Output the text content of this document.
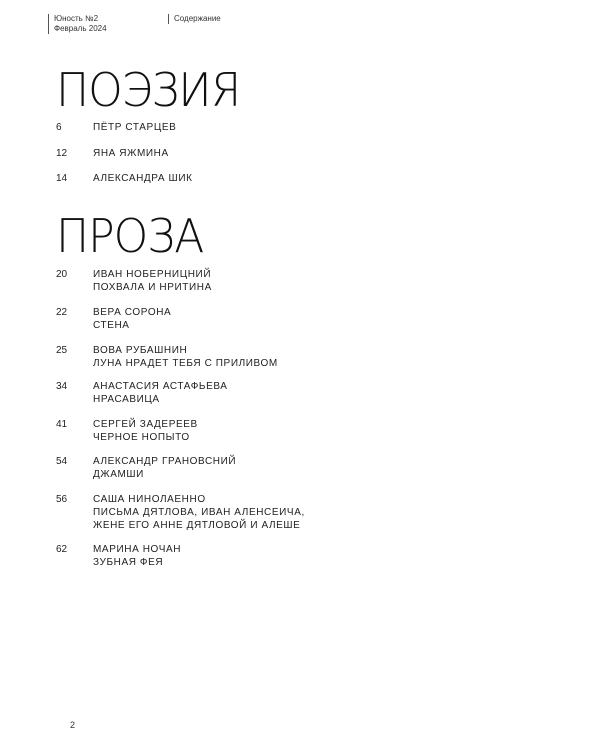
Юность №2
Февраль 2024
Содержание
ПОЭЗИЯ
6	ПЁТР СТАРЦЕВ
12	ЯНА ЯЖМИНА
14	АЛЕКСАНДРА ШИК
ПРОЗА
20	ИВАН НОБЕРНИЦНИЙ
ПОХВАЛА И НРИТИНА
22	ВЕРА СОРОНА
СТЕНА
25	ВОВА РУБАШНИН
ЛУНА НРАДЕТ ТЕБЯ С ПРИЛИВОМ
34	АНАСТАСИЯ АСТАФЬЕВА
НРАСАВИЦА
41	СЕРГЕЙ ЗАДЕРЕЕВ
ЧЕРНОЕ НОПЫТО
54	АЛЕКСАНДР ГРАНОВСНИЙ
ДЖАМШИ
56	САША НИНОЛАЕННО
ПИСЬМА ДЯТЛОВА, ИВАН АЛЕНСЕИЧА,
ЖЕНЕ ЕГО АННЕ ДЯТЛОВОЙ И АЛЕШЕ
62	МАРИНА НОЧАН
ЗУБНАЯ ФЕЯ
2
